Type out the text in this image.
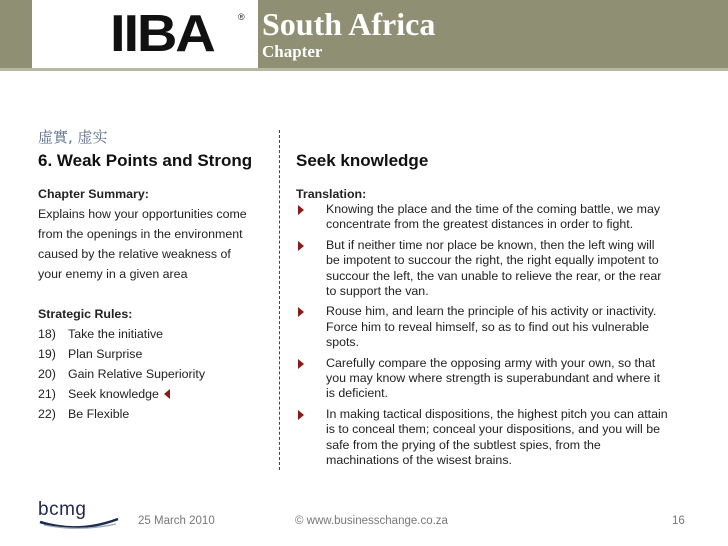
IIBA	® South Africa
Chapter
虛實, 虚实
6. Weak Points and Strong
Chapter Summary:
Explains how your opportunities come
from the openings in the environment
caused by the relative weakness of
your enemy in a given area
Strategic Rules:
18) Take the initiative
19) Plan Surprise
20) Gain Relative Superiority
21) Seek knowledge
22) Be Flexible
Seek knowledge
Translation:
Knowing the place and the time of the coming battle, we may
concentrate from the greatest distances in order to fight.
But if neither time nor place be known, then the left wing will
be impotent to succour the right, the right equally impotent to
succour the left, the van unable to relieve the rear, or the rear
to support the van.
Rouse him, and learn the principle of his activity or inactivity.
Force him to reveal himself, so as to find out his vulnerable
spots.
Carefully compare the opposing army with your own, so that
you may know where strength is superabundant and where it
is deficient.
In making tactical dispositions, the highest pitch you can attain
is to conceal them; conceal your dispositions, and you will be
safe from the prying of the subtlest spies, from the
machinations of the wisest brains.
bcmg
25 March 2010	© www.businesschange.co.za	16
